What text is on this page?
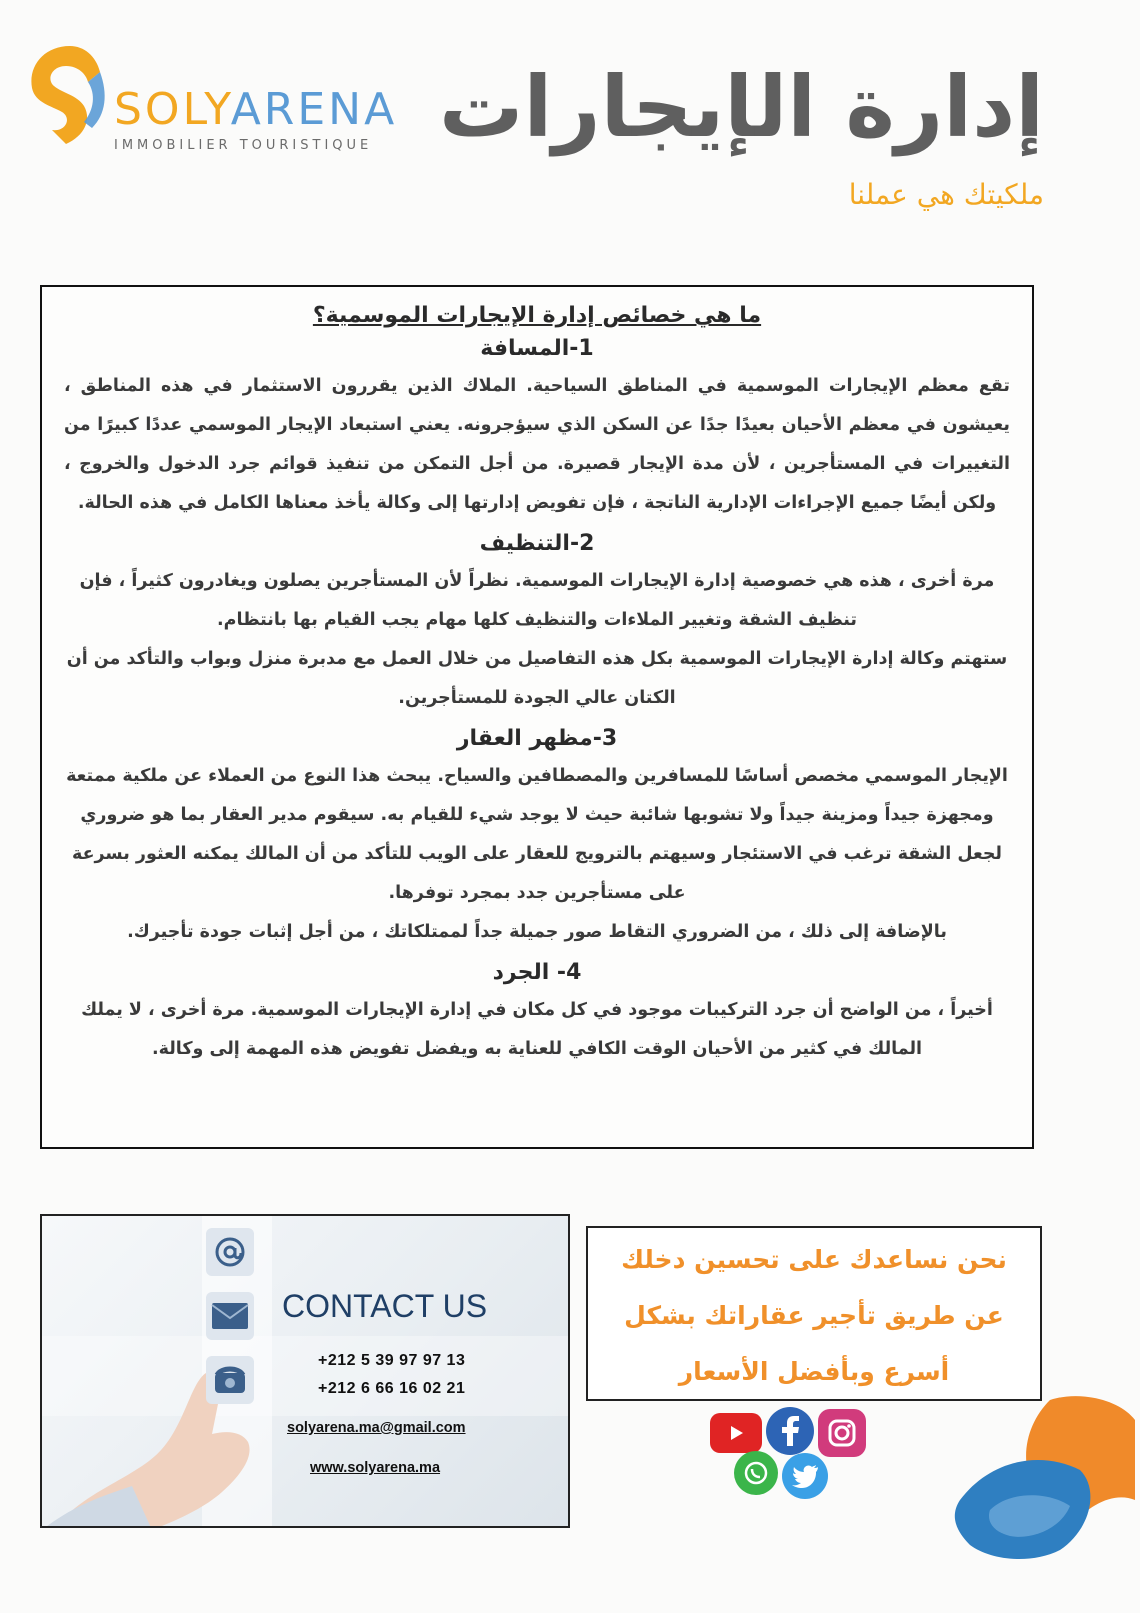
SOLYARENA
IMMOBILIER TOURISTIQUE إدارة الإيجارات
ملكيتك هي عملنا
ما هي خصائص إدارة الإيجارات الموسمية؟
1-المسافة

تقع معظم الإيجارات الموسمية في المناطق السياحية. الملاك الذين يقررون الاستثمار في هذه المناطق ، يعيشون في معظم الأحيان بعيدًا جدًا عن السكن الذي سيؤجرونه. يعني استبعاد الإيجار الموسمي عددًا كبيرًا من التغييرات في المستأجرين ، لأن مدة الإيجار قصيرة. من أجل التمكن من تنفيذ قوائم جرد الدخول والخروج ، ولكن أيضًا جميع الإجراءات الإدارية الناتجة ، فإن تفويض إدارتها إلى وكالة يأخذ معناها الكامل في هذه الحالة.

2-التنظيف

مرة أخرى ، هذه هي خصوصية إدارة الإيجارات الموسمية. نظراً لأن المستأجرين يصلون ويغادرون كثيراً ، فإن تنظيف الشقة وتغيير الملاءات والتنظيف كلها مهام يجب القيام بها بانتظام.

ستهتم وكالة إدارة الإيجارات الموسمية بكل هذه التفاصيل من خلال العمل مع مدبرة منزل وبواب والتأكد من أن الكتان عالي الجودة للمستأجرين.

3-مظهر العقار

الإيجار الموسمي مخصص أساسًا للمسافرين والمصطافين والسياح. يبحث هذا النوع من العملاء عن ملكية ممتعة ومجهزة جيداً ومزينة جيداً ولا تشوبها شائبة حيث لا يوجد شيء للقيام به. سيقوم مدير العقار بما هو ضروري لجعل الشقة ترغب في الاستئجار وسيهتم بالترويج للعقار على الويب للتأكد من أن المالك يمكنه العثور بسرعة على مستأجرين جدد بمجرد توفرها.

بالإضافة إلى ذلك ، من الضروري التقاط صور جميلة جداً لممتلكاتك ، من أجل إثبات جودة تأجيرك.

4- الجرد

أخيراً ، من الواضح أن جرد التركيبات موجود في كل مكان في إدارة الإيجارات الموسمية. مرة أخرى ، لا يملك المالك في كثير من الأحيان الوقت الكافي للعناية به ويفضل تفويض هذه المهمة إلى وكالة.

CONTACT US
+212 5 39 97 97 13
+212 6 66 16 02 21
solyarena.ma@gmail.com
www.solyarena.ma
نحن نساعدك على تحسين دخلك
عن طريق تأجير عقاراتك بشكل
أسرع وبأفضل الأسعار
